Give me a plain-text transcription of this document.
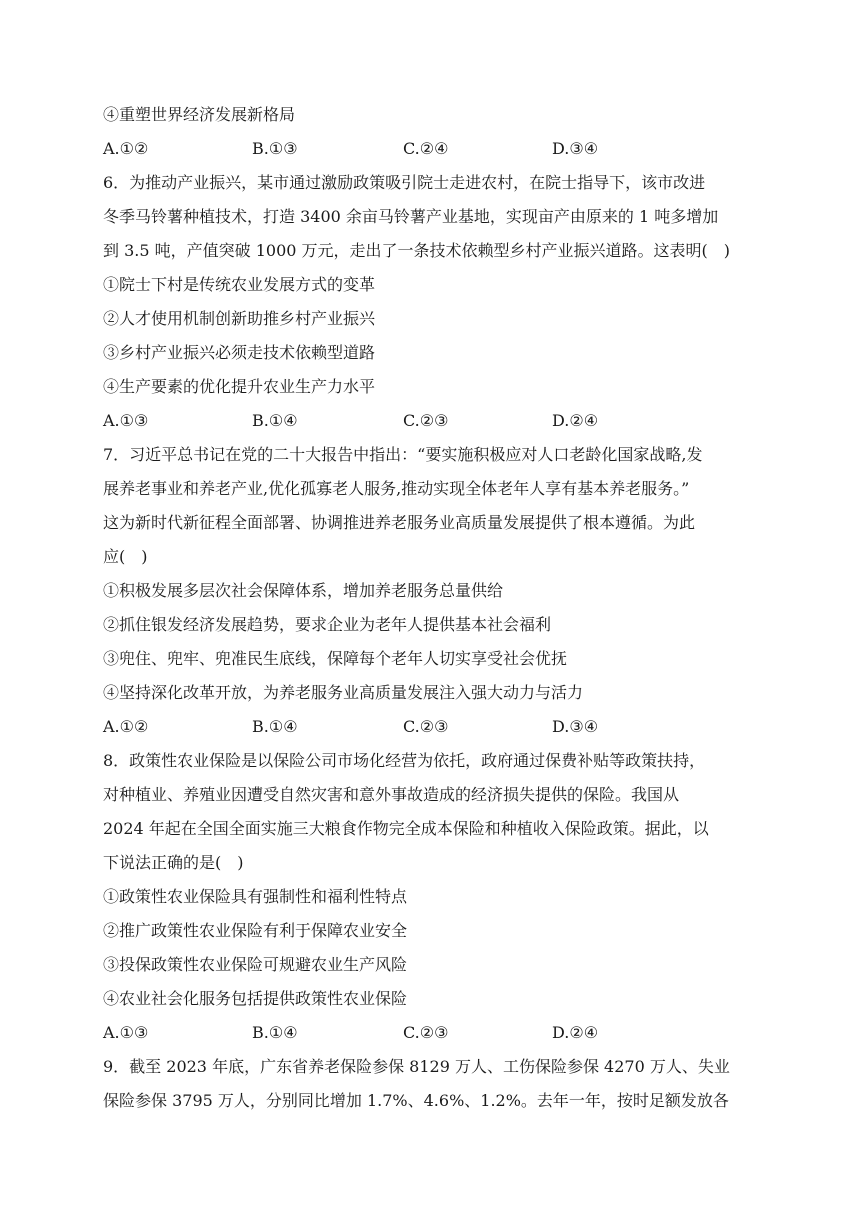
④重塑世界经济发展新格局
A.①②	B.①③	C.②④	D.③④
6．为推动产业振兴，某市通过激励政策吸引院士走进农村，在院士指导下，该市改进
冬季马铃薯种植技术，打造 3400 余亩马铃薯产业基地，实现亩产由原来的 1 吨多增加
到 3.5 吨，产值突破 1000 万元，走出了一条技术依赖型乡村产业振兴道路。这表明(　)
①院士下村是传统农业发展方式的变革
②人才使用机制创新助推乡村产业振兴
③乡村产业振兴必须走技术依赖型道路
④生产要素的优化提升农业生产力水平
A.①③	B.①④	C.②③	D.②④
7．习近平总书记在党的二十大报告中指出：“要实施积极应对人口老龄化国家战略,发
展养老事业和养老产业,优化孤寡老人服务,推动实现全体老年人享有基本养老服务。”
这为新时代新征程全面部署、协调推进养老服务业高质量发展提供了根本遵循。为此
应(　)
①积极发展多层次社会保障体系，增加养老服务总量供给
②抓住银发经济发展趋势，要求企业为老年人提供基本社会福利
③兜住、兜牢、兜准民生底线，保障每个老年人切实享受社会优抚
④坚持深化改革开放，为养老服务业高质量发展注入强大动力与活力
A.①②	B.①④	C.②③	D.③④
8．政策性农业保险是以保险公司市场化经营为依托，政府通过保费补贴等政策扶持，
对种植业、养殖业因遭受自然灾害和意外事故造成的经济损失提供的保险。我国从
2024 年起在全国全面实施三大粮食作物完全成本保险和种植收入保险政策。据此，以
下说法正确的是(　)
①政策性农业保险具有强制性和福利性特点
②推广政策性农业保险有利于保障农业安全
③投保政策性农业保险可规避农业生产风险
④农业社会化服务包括提供政策性农业保险
A.①③	B.①④	C.②③	D.②④
9．截至 2023 年底，广东省养老保险参保 8129 万人、工伤保险参保 4270 万人、失业
保险参保 3795 万人，分别同比增加 1.7%、4.6%、1.2%。去年一年，按时足额发放各
